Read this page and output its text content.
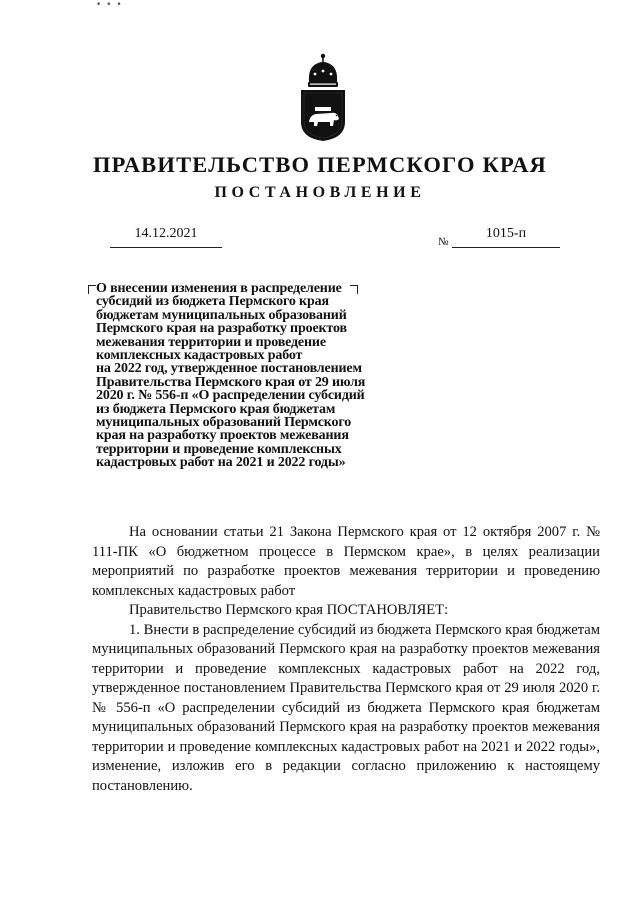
• • •
ПРАВИТЕЛЬСТВО ПЕРМСКОГО КРАЯ
ПОСТАНОВЛЕНИЕ
14.12.2021
№
1015-п
О внесении изменения в распределение
субсидий из бюджета Пермского края
бюджетам муниципальных образований
Пермского края на разработку проектов
межевания территории и проведение
комплексных кадастровых работ
на 2022 год, утвержденное постановлением
Правительства Пермского края от 29 июля
2020 г. № 556-п «О распределении субсидий
из бюджета Пермского края бюджетам
муниципальных образований Пермского
края на разработку проектов межевания
территории и проведение комплексных
кадастровых работ на 2021 и 2022 годы»

На основании статьи 21 Закона Пермского края от 12 октября 2007 г. № 111-ПК «О бюджетном процессе в Пермском крае», в целях реализации мероприятий по разработке проектов межевания территории и проведению комплексных кадастровых работ

Правительство Пермского края ПОСТАНОВЛЯЕТ:

1. Внести в распределение субсидий из бюджета Пермского края бюджетам муниципальных образований Пермского края на разработку проектов межевания территории и проведение комплексных кадастровых работ на 2022 год, утвержденное постановлением Правительства Пермского края от 29 июля 2020 г. № 556-п «О распределении субсидий из бюджета Пермского края бюджетам муниципальных образований Пермского края на разработку проектов межевания территории и проведение комплексных кадастровых работ на 2021 и 2022 годы», изменение, изложив его в редакции согласно приложению к настоящему постановлению.
